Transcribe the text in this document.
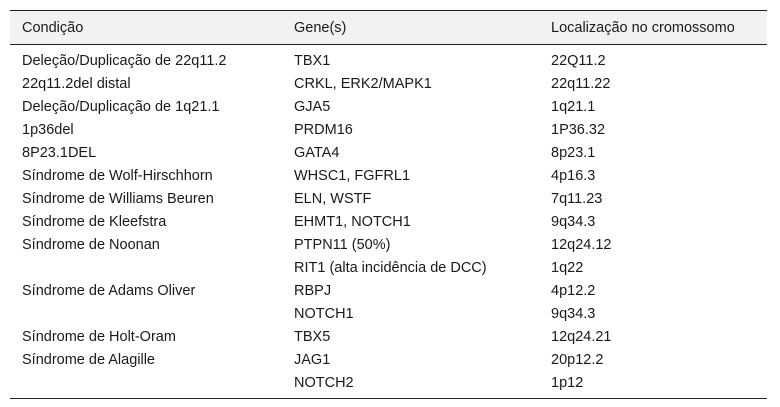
Condição	Gene(s)	Localização no cromossomo
Deleção/Duplicação de 22q11.2	TBX1	22Q11.2
22q11.2del distal	CRKL, ERK2/MAPK1	22q11.22
Deleção/Duplicação de 1q21.1	GJA5	1q21.1
1p36del	PRDM16	1P36.32
8P23.1DEL	GATA4	8p23.1
Síndrome de Wolf-Hirschhorn	WHSC1, FGFRL1	4p16.3
Síndrome de Williams Beuren	ELN, WSTF	7q11.23
Síndrome de Kleefstra	EHMT1, NOTCH1	9q34.3
Síndrome de Noonan	PTPN11 (50%)	12q24.12
	RIT1 (alta incidência de DCC)	1q22
Síndrome de Adams Oliver	RBPJ	4p12.2
	NOTCH1	9q34.3
Síndrome de Holt-Oram	TBX5	12q24.21
Síndrome de Alagille	JAG1	20p12.2
	NOTCH2	1p12
